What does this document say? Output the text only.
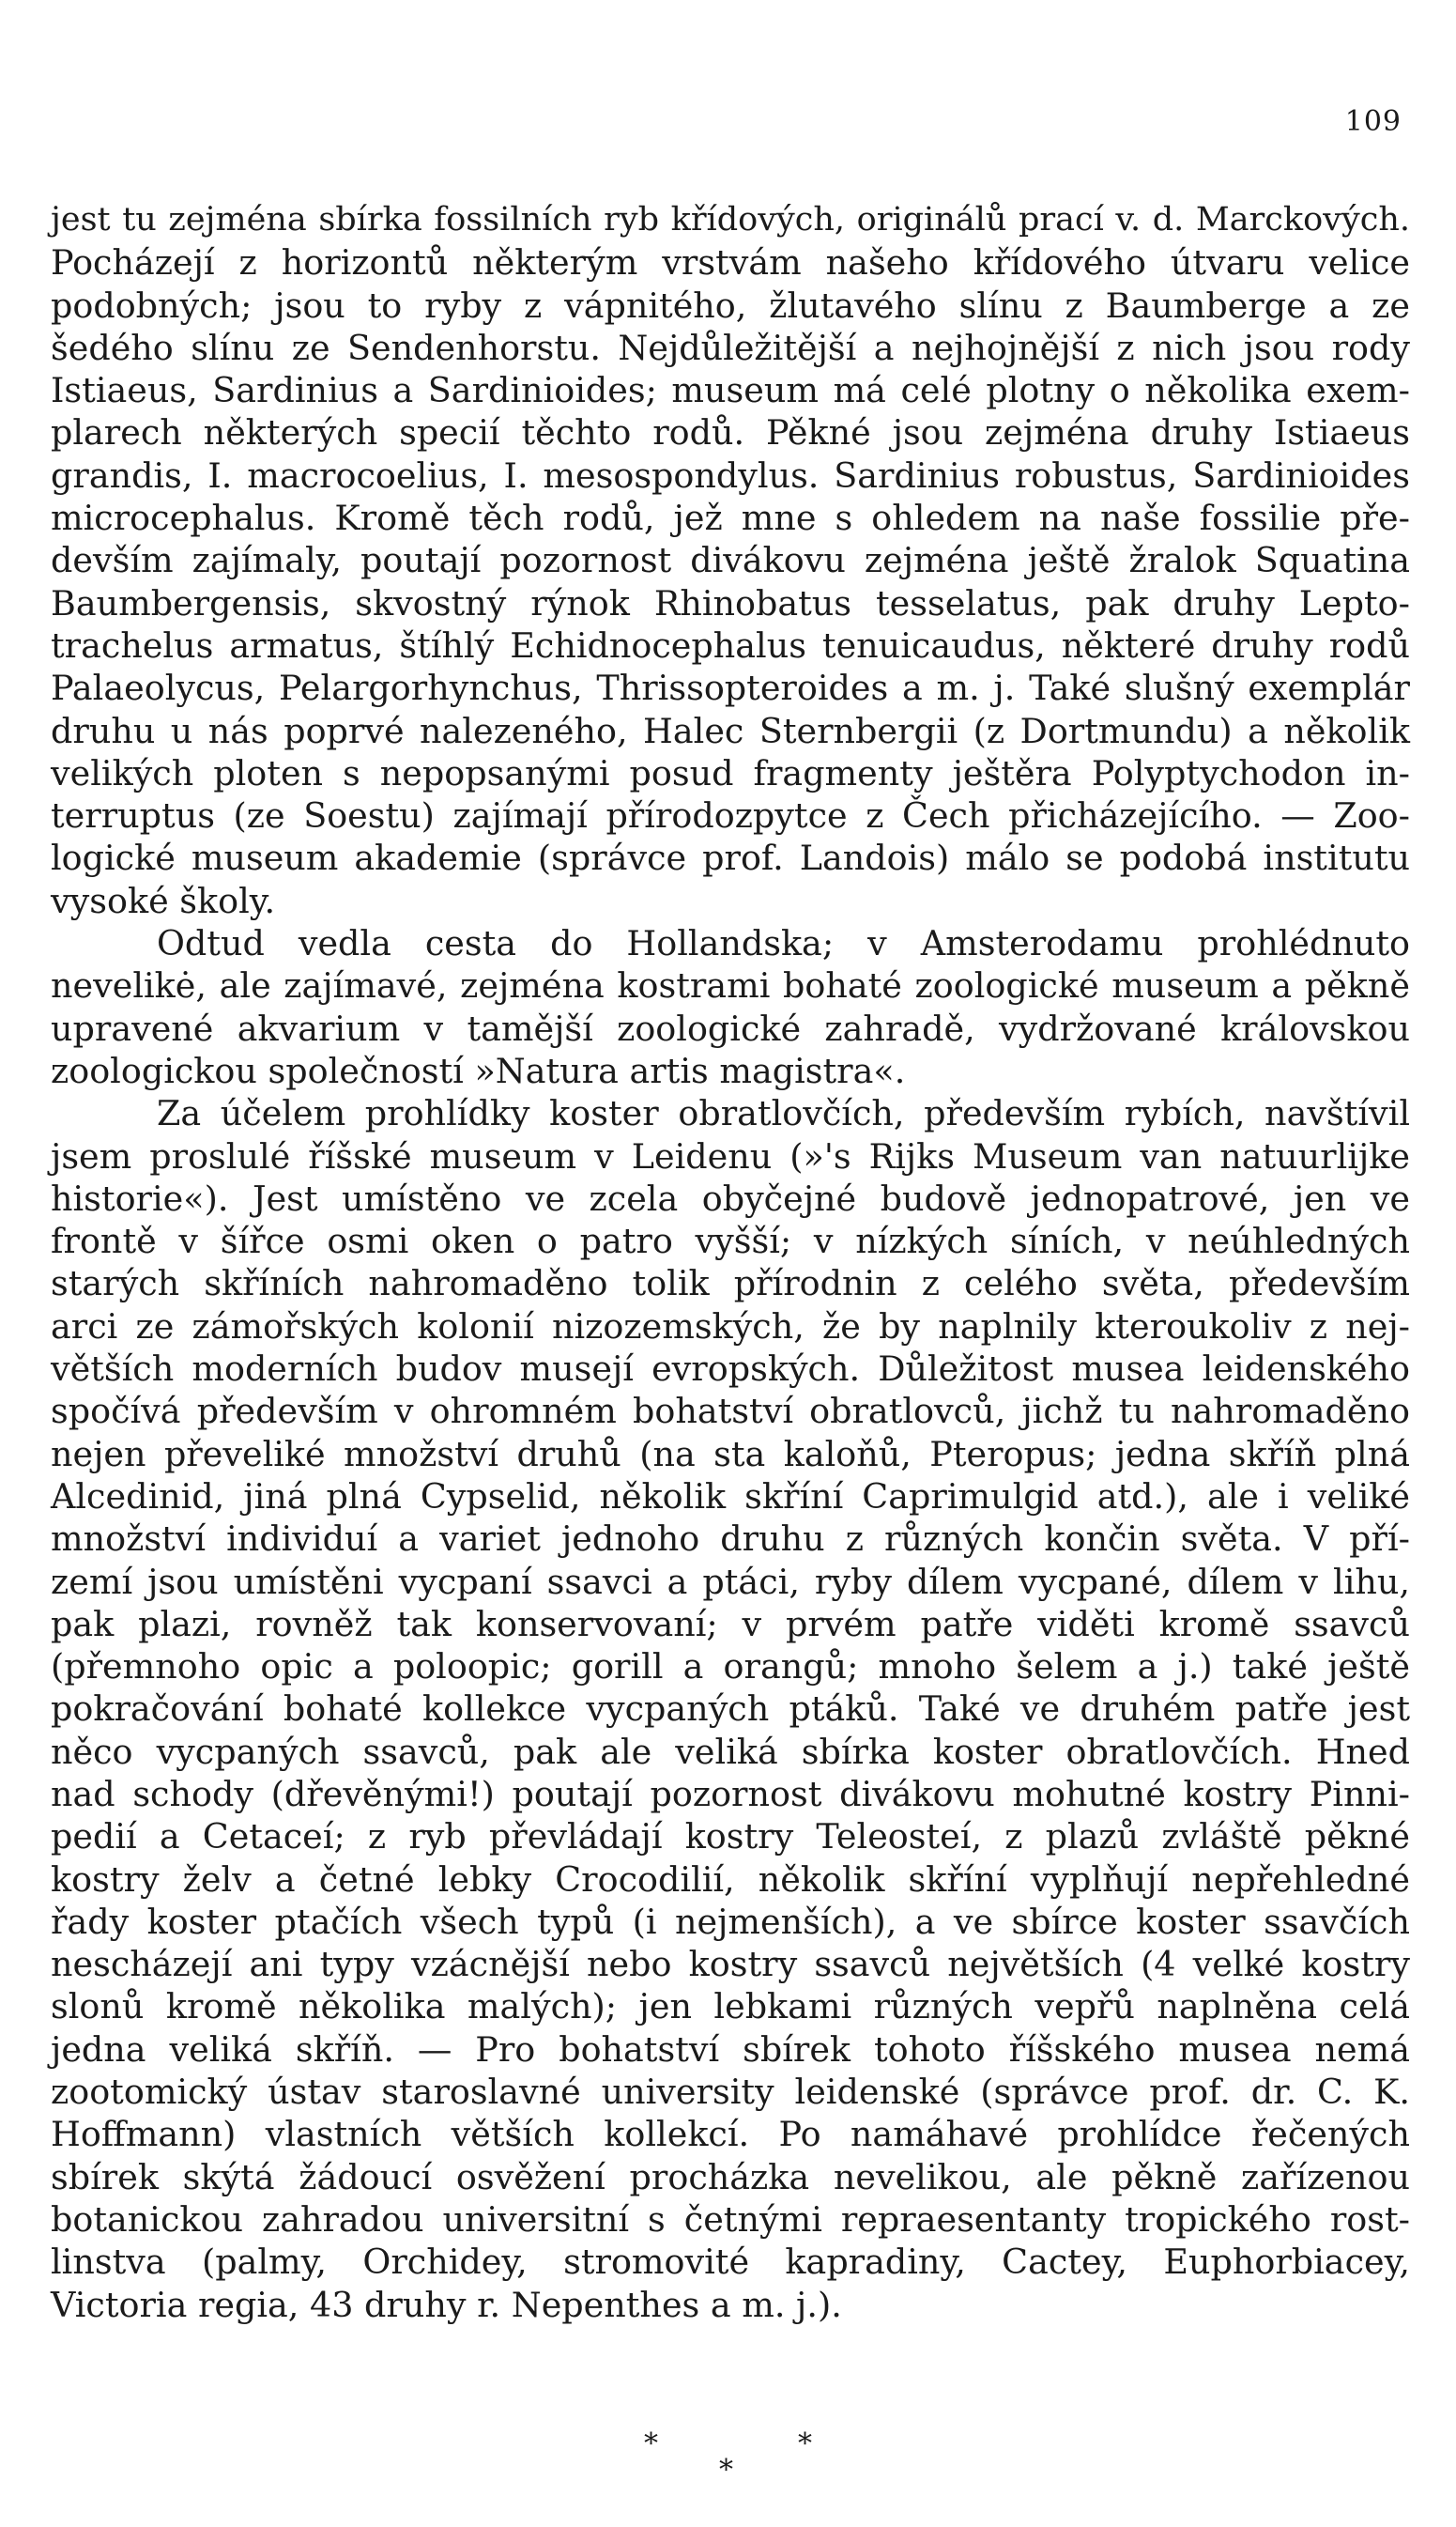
109
jest tu zejména sbírka fossilních ryb křídových, originálů prací v. d. Marckových.
Pocházejí z horizontů některým vrstvám našeho křídového útvaru velice
podobných; jsou to ryby z vápnitého, žlutavého slínu z Baumberge a ze
šedého slínu ze Sendenhorstu. Nejdůležitější a nejhojnější z nich jsou rody
Istiaeus, Sardinius a Sardinioides; museum má celé plotny o několika exem-
plarech některých specií těchto rodů. Pěkné jsou zejména druhy Istiaeus
grandis, I. macrocoelius, I. mesospondylus. Sardinius robustus, Sardinioides
microcephalus. Kromě těch rodů, jež mne s ohledem na naše fossilie pře-
devším zajímaly, poutají pozornost divákovu zejména ještě žralok Squatina
Baumbergensis, skvostný rýnok Rhinobatus tesselatus, pak druhy Lepto-
trachelus armatus, štíhlý Echidnocephalus tenuicaudus, některé druhy rodů
Palaeolycus, Pelargorhynchus, Thrissopteroides a m. j. Také slušný exemplár
druhu u nás poprvé nalezeného, Halec Sternbergii (z Dortmundu) a několik
velikých ploten s nepopsanými posud fragmenty ještěra Polyptychodon in-
terruptus (ze Soestu) zajímají přírodozpytce z Čech přicházejícího. — Zoo-
logické museum akademie (správce prof. Landois) málo se podobá institutu
vysoké školy.
Odtud vedla cesta do Hollandska; v Amsterodamu prohlédnuto
nevelikė, ale zajímavé, zejména kostrami bohaté zoologické museum a pěkně
upravené akvarium v tamější zoologické zahradě, vydržované královskou
zoologickou společností »Natura artis magistra«.
Za účelem prohlídky koster obratlovčích, především rybích, navštívil
jsem proslulé říšské museum v Leidenu (»'s Rijks Museum van natuurlijke
historie«). Jest umístěno ve zcela obyčejné budově jednopatrové, jen ve
frontě v šířce osmi oken o patro vyšší; v nízkých síních, v neúhledných
starých skříních nahromaděno tolik přírodnin z celého světa, především
arci ze zámořských kolonií nizozemských, že by naplnily kteroukoliv z nej-
větších moderních budov musejí evropských. Důležitost musea leidenského
spočívá především v ohromném bohatství obratlovců, jichž tu nahromaděno
nejen převeliké množství druhů (na sta kaloňů, Pteropus; jedna skříň plná
Alcedinid, jiná plná Cypselid, několik skříní Caprimulgid atd.), ale i veliké
množství individuí a variet jednoho druhu z různých končin světa. V pří-
zemí jsou umístěni vycpaní ssavci a ptáci, ryby dílem vycpané, dílem v lihu,
pak plazi, rovněž tak konservovaní; v prvém patře viděti kromě ssavců
(přemnoho opic a poloopic; gorill a orangů; mnoho šelem a j.) také ještě
pokračování bohaté kollekce vycpaných ptáků. Také ve druhém patře jest
něco vycpaných ssavců, pak ale veliká sbírka koster obratlovčích. Hned
nad schody (dřevěnými!) poutají pozornost divákovu mohutné kostry Pinni-
pedií a Cetaceí; z ryb převládají kostry Teleosteí, z plazů zvláště pěkné
kostry želv a četné lebky Crocodilií, několik skříní vyplňují nepřehledné
řady koster ptačích všech typů (i nejmenších), a ve sbírce koster ssavčích
nescházejí ani typy vzácnější nebo kostry ssavců největších (4 velké kostry
slonů kromě několika malých); jen lebkami různých vepřů naplněna celá
jedna veliká skříň. — Pro bohatství sbírek tohoto říšského musea nemá
zootomický ústav staroslavné university leidenské (správce prof. dr. C. K.
Hoffmann) vlastních větších kollekcí. Po namáhavé prohlídce řečených
sbírek skýtá žádoucí osvěžení procházka nevelikou, ale pěkně zařízenou
botanickou zahradou universitní s četnými repraesentanty tropického rost-
linstva (palmy, Orchidey, stromovité kapradiny, Cactey, Euphorbiacey,
Victoria regia, 43 druhy r. Nepenthes a m. j.).
*	*
*
